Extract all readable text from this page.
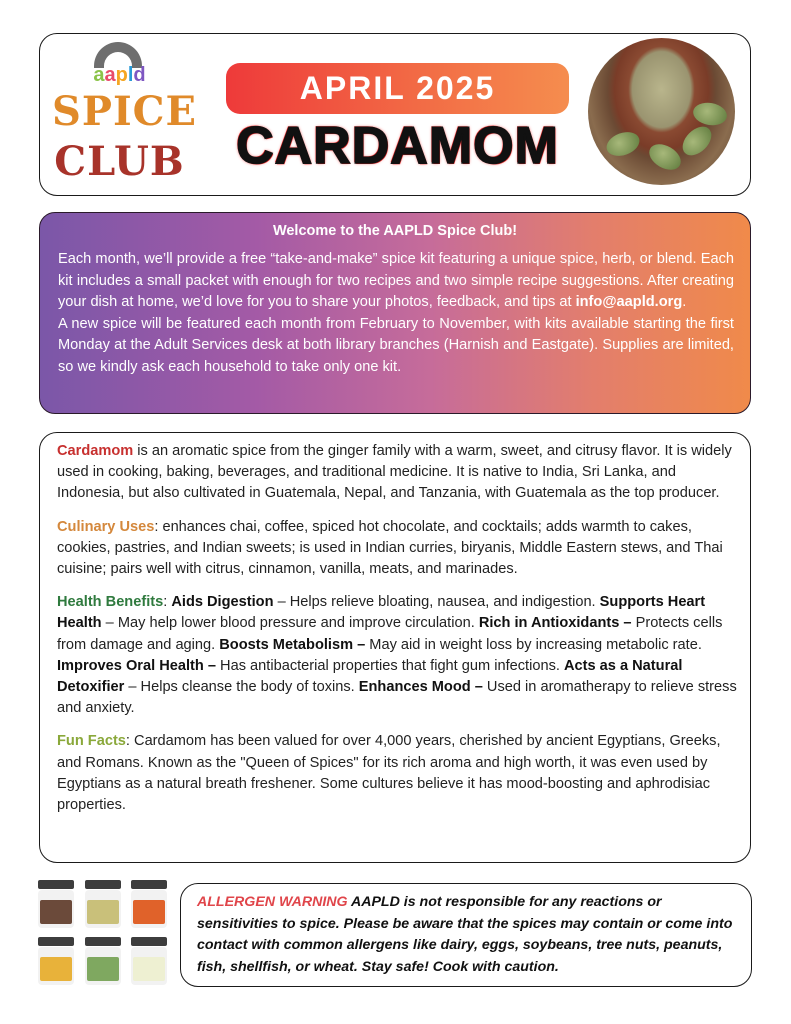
aapld
SPICE
CLUB
APRIL 2025
CARDAMOM
Welcome to the AAPLD Spice Club!
Each month, we’ll provide a free “take-and-make” spice kit featuring a unique spice, herb, or blend. Each kit includes a small packet with enough for two recipes and two simple recipe suggestions. After creating your dish at home, we’d love for you to share your photos, feedback, and tips at info@aapld.org.
A new spice will be featured each month from February to November, with kits available starting the first Monday at the Adult Services desk at both library branches (Harnish and Eastgate). Supplies are limited, so we kindly ask each household to take only one kit.

Cardamom is an aromatic spice from the ginger family with a warm, sweet, and citrusy flavor. It is widely used in cooking, baking, beverages, and traditional medicine. It is native to India, Sri Lanka, and Indonesia, but also cultivated in Guatemala, Nepal, and Tanzania, with Guatemala as the top producer.

Culinary Uses: enhances chai, coffee, spiced hot chocolate, and cocktails; adds warmth to cakes, cookies, pastries, and Indian sweets; is used in Indian curries, biryanis, Middle Eastern stews, and Thai cuisine; pairs well with citrus, cinnamon, vanilla, meats, and marinades.

Health Benefits: Aids Digestion – Helps relieve bloating, nausea, and indigestion. Supports Heart Health – May help lower blood pressure and improve circulation. Rich in Antioxidants – Protects cells from damage and aging. Boosts Metabolism – May aid in weight loss by increasing metabolic rate. Improves Oral Health – Has antibacterial properties that fight gum infections. Acts as a Natural Detoxifier – Helps cleanse the body of toxins. Enhances Mood – Used in aromatherapy to relieve stress and anxiety.

Fun Facts: Cardamom has been valued for over 4,000 years, cherished by ancient Egyptians, Greeks, and Romans. Known as the "Queen of Spices" for its rich aroma and high worth, it was even used by Egyptians as a natural breath freshener. Some cultures believe it has mood-boosting and aphrodisiac properties.

ALLERGEN WARNING AAPLD is not responsible for any reactions or sensitivities to spice. Please be aware that the spices may contain or come into contact with common allergens like dairy, eggs, soybeans, tree nuts, peanuts, fish, shellfish, or wheat. Stay safe! Cook with caution.
